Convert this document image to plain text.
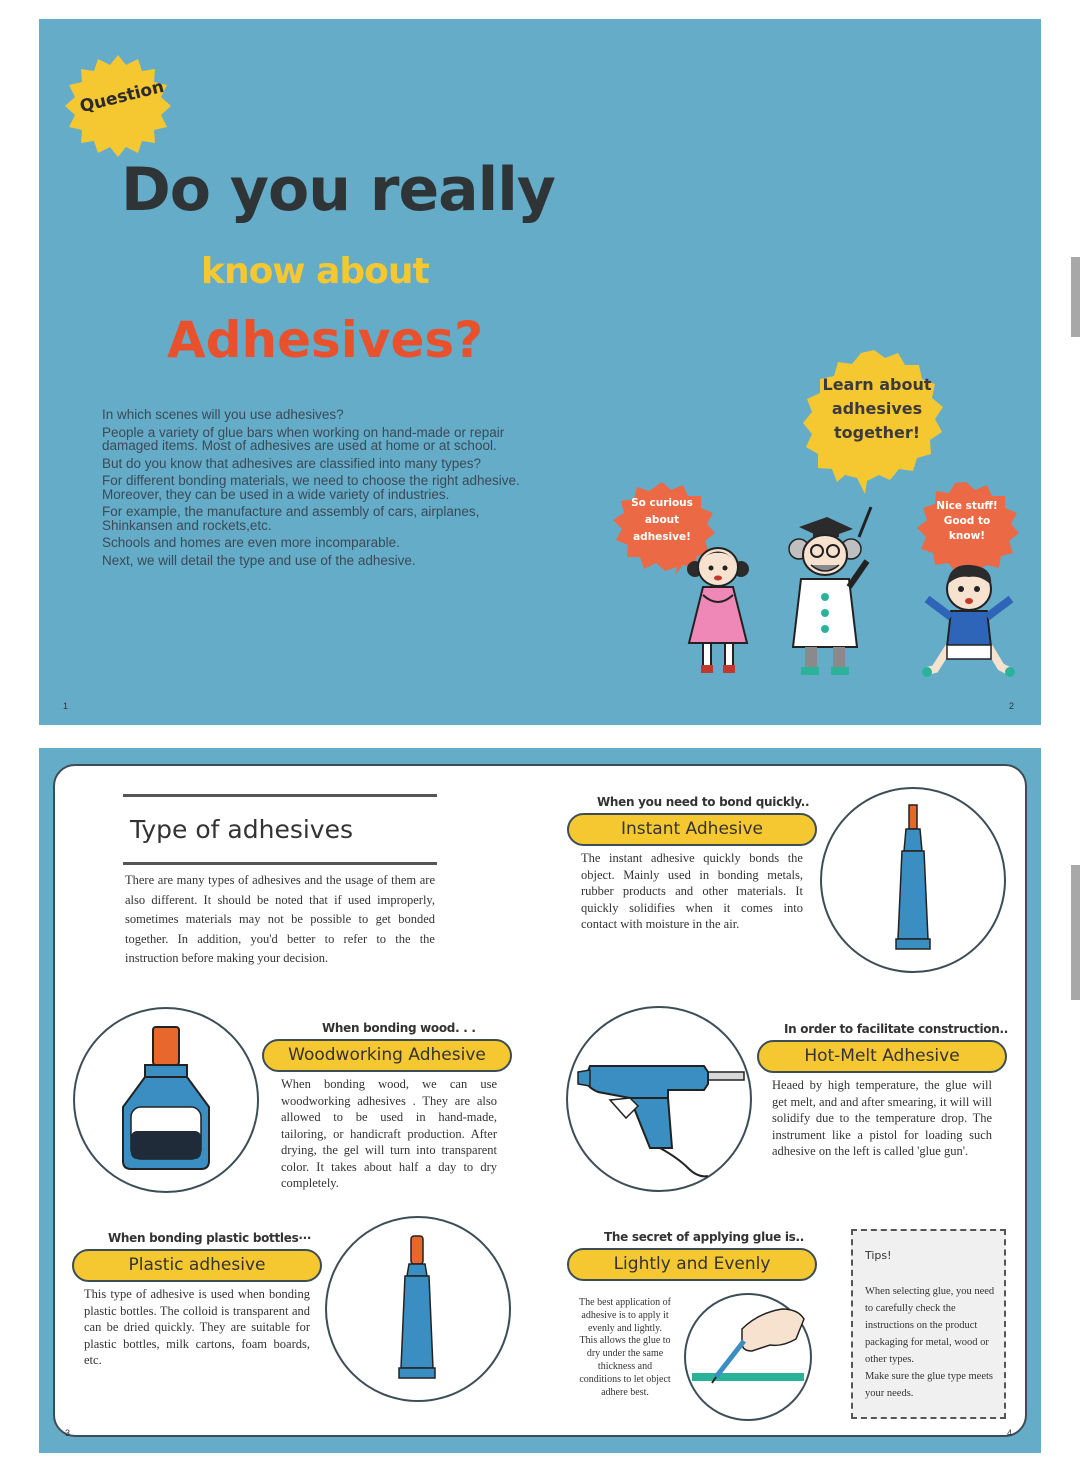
Question
Do you really
know about
Adhesives?

In which scenes will you use adhesives?

People a variety of glue bars when working on hand-made or repair damaged items. Most of adhesives are used at home or at school.

But do you know that adhesives are classified into many types?

For different bonding materials, we need to choose the right adhesive. Moreover, they can be used in a wide variety of industries.

For example, the manufacture and assembly of cars, airplanes, Shinkansen and rockets,etc.

Schools and homes are even more incomparable.

Next, we will detail the type and use of the adhesive.

Learn about
adhesives
together!
So curious
about
adhesive!
Nice stuff!
Good to
know!
1	2
3	4
Type of adhesives
There are many types of adhesives and the usage of them are also different. It should be noted that if used improperly, sometimes materials may not be possible to get bonded together. In addition, you'd better to refer to the the instruction before making your decision.
When you need to bond quickly..
Instant Adhesive
The instant adhesive quickly bonds the object. Mainly used in bonding metals, rubber products and other materials. It quickly solidifies when it comes into contact with moisture in the air.
When bonding wood. . .
Woodworking Adhesive
When bonding wood, we can use woodworking adhesives . They are also allowed to be used in hand-made, tailoring, or handicraft production. After drying, the gel will turn into transparent color. It takes about half a day to dry completely.
In order to facilitate construction..
Hot-Melt Adhesive
Heaed by high temperature, the glue will get melt, and and after smearing, it will will solidify due to the temperature drop. The instrument like a pistol for loading such adhesive on the left is called 'glue gun'.
When bonding plastic bottles···
Plastic adhesive
This type of adhesive is used when bonding plastic bottles. The colloid is transparent and can be dried quickly. They are suitable for plastic bottles, milk cartons, foam boards, etc.
The secret of applying glue is..
Lightly and Evenly
The best application of adhesive is to apply it evenly and lightly. This allows the glue to dry under the same thickness and conditions to let object adhere best.
Tips!

When selecting glue, you need to carefully check the instructions on the product packaging for metal, wood or other types.

Make sure the glue type meets your needs.
